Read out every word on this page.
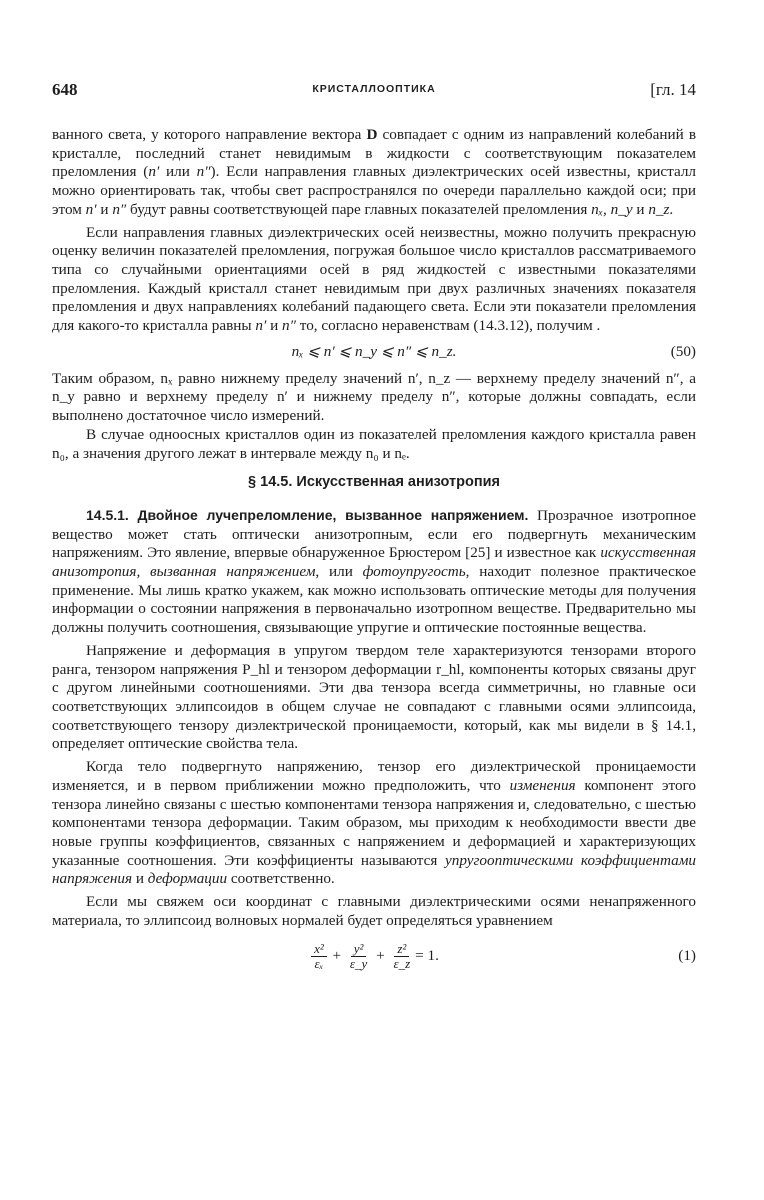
648	КРИСТАЛЛООПТИКА	[гл. 14

ванного света, у которого направление вектора D совпадает с одним из направлений колебаний в кристалле, последний станет невидимым в жидкости с соответствующим показателем преломления (n′ или n″). Если направления главных диэлектрических осей известны, кристалл можно ориентировать так, чтобы свет распространялся по очереди параллельно каждой оси; при этом n′ и n″ будут равны соответствующей паре главных показателей преломления nₓ, n_y и n_z.

Если направления главных диэлектрических осей неизвестны, можно получить прекрасную оценку величин показателей преломления, погружая большое число кристаллов рассматриваемого типа со случайными ориентациями осей в ряд жидкостей с известными показателями преломления. Каждый кристалл станет невидимым при двух различных значениях показателя преломления и двух направлениях колебаний падающего света. Если эти показатели преломления для какого-то кристалла равны n′ и n″ то, согласно неравенствам (14.3.12), получим .

nₓ ⩽ n′ ⩽ n_y ⩽ n″ ⩽ n_z.	(50)

Таким образом, nₓ равно нижнему пределу значений n′, n_z — верхнему пределу значений n″, а n_y равно и верхнему пределу n′ и нижнему пределу n″, которые должны совпадать, если выполнено достаточное число измерений.

В случае одноосных кристаллов один из показателей преломления каждого кристалла равен n₀, а значения другого лежат в интервале между n₀ и nₑ.

§ 14.5. Искусственная анизотропия

14.5.1. Двойное лучепреломление, вызванное напряжением. Прозрачное изотропное вещество может стать оптически анизотропным, если его подвергнуть механическим напряжениям. Это явление, впервые обнаруженное Брюстером [25] и известное как искусственная анизотропия, вызванная напряжением, или фотоупругость, находит полезное практическое применение. Мы лишь кратко укажем, как можно использовать оптические методы для получения информации о состоянии напряжения в первоначально изотропном веществе. Предварительно мы должны получить соотношения, связывающие упругие и оптические постоянные вещества.

Напряжение и деформация в упругом твердом теле характеризуются тензорами второго ранга, тензором напряжения P_hl и тензором деформации r_hl, компоненты которых связаны друг с другом линейными соотношениями. Эти два тензора всегда симметричны, но главные оси соответствующих эллипсоидов в общем случае не совпадают с главными осями эллипсоида, соответствующего тензору диэлектрической проницаемости, который, как мы видели в § 14.1, определяет оптические свойства тела.

Когда тело подвергнуто напряжению, тензор его диэлектрической проницаемости изменяется, и в первом приближении можно предположить, что изменения компонент этого тензора линейно связаны с шестью компонентами тензора напряжения и, следовательно, с шестью компонентами тензора деформации. Таким образом, мы приходим к необходимости ввести две новые группы коэффициентов, связанных с напряжением и деформацией и характеризующих указанные соотношения. Эти коэффициенты называются упругооптическими коэффициентами напряжения и деформации соответственно.

Если мы свяжем оси координат с главными диэлектрическими осями ненапряженного материала, то эллипсоид волновых нормалей будет определяться уравнением

$\frac{\text{x²}}{\text{εₓ}} + \frac{\text{y²}}{\varepsilon\_y} + \frac{\text{z²}}{\varepsilon\_z} = 1$.	(1)
